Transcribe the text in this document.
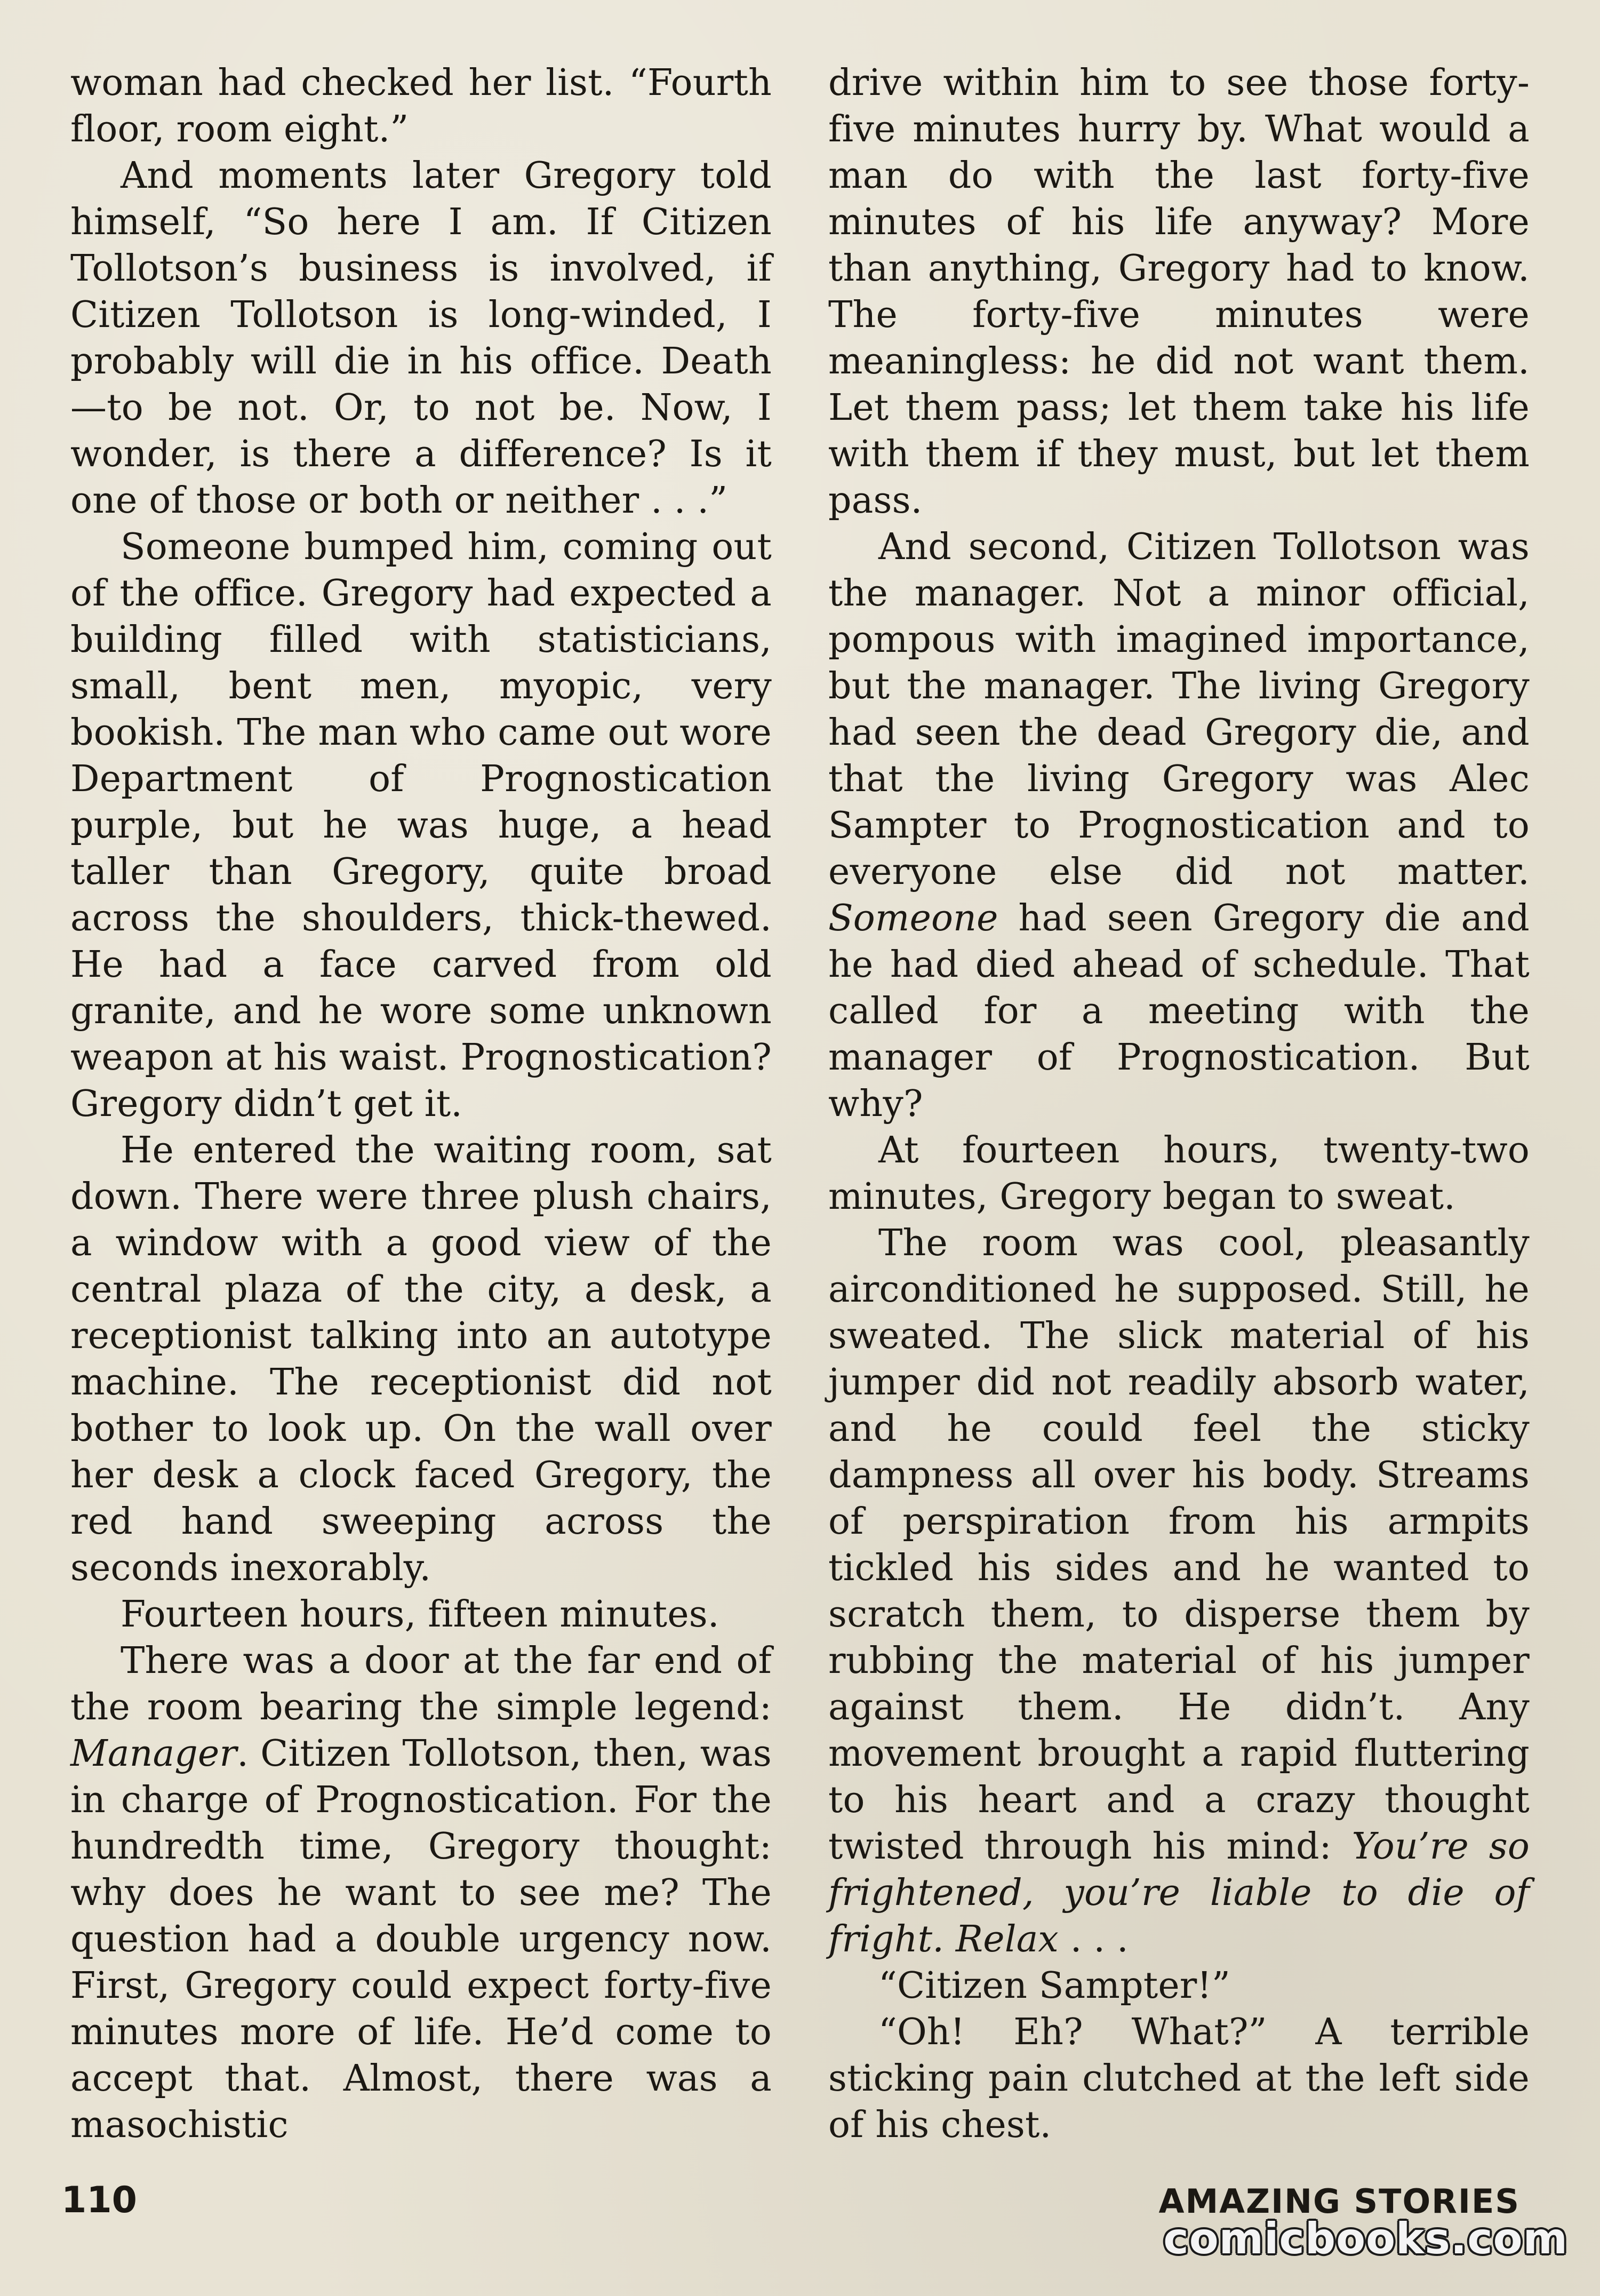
woman had checked her list. “Fourth floor, room eight.”

And moments later Gregory told himself, “So here I am. If Citizen Tollotson’s business is involved, if Citizen Tollotson is long-winded, I probably will die in his office. Death —to be not. Or, to not be. Now, I wonder, is there a difference? Is it one of those or both or neither . . .”

Someone bumped him, coming out of the office. Gregory had expected a building filled with statisticians, small, bent men, myopic, very bookish. The man who came out wore Department of Prognostication purple, but he was huge, a head taller than Gregory, quite broad across the shoulders, thick-thewed. He had a face carved from old granite, and he wore some unknown weapon at his waist. Prognostication? Gregory didn’t get it.

He entered the waiting room, sat down. There were three plush chairs, a window with a good view of the central plaza of the city, a desk, a receptionist talking into an autotype machine. The receptionist did not bother to look up. On the wall over her desk a clock faced Gregory, the red hand sweeping across the seconds inexorably.

Fourteen hours, fifteen minutes.

There was a door at the far end of the room bearing the simple legend: Manager. Citizen Tollotson, then, was in charge of Prognostication. For the hundredth time, Gregory thought: why does he want to see me? The question had a double urgency now. First, Gregory could expect forty-five minutes more of life. He’d come to accept that. Almost, there was a masochistic

drive within him to see those forty-five minutes hurry by. What would a man do with the last forty-five minutes of his life anyway? More than anything, Gregory had to know. The forty-five minutes were meaningless: he did not want them. Let them pass; let them take his life with them if they must, but let them pass.

And second, Citizen Tollotson was the manager. Not a minor official, pompous with imagined importance, but the manager. The living Gregory had seen the dead Gregory die, and that the living Gregory was Alec Sampter to Prognostication and to everyone else did not matter. Someone had seen Gregory die and he had died ahead of schedule. That called for a meeting with the manager of Prognostication. But why?

At fourteen hours, twenty-two minutes, Gregory began to sweat.

The room was cool, pleasantly airconditioned he supposed. Still, he sweated. The slick material of his jumper did not readily absorb water, and he could feel the sticky dampness all over his body. Streams of perspiration from his armpits tickled his sides and he wanted to scratch them, to disperse them by rubbing the material of his jumper against them. He didn’t. Any movement brought a rapid fluttering to his heart and a crazy thought twisted through his mind: You’re so frightened, you’re liable to die of fright. Relax . . .

“Citizen Sampter!”

“Oh! Eh? What?” A terrible sticking pain clutched at the left side of his chest.

110	AMAZING STORIES
comicbooks.com
